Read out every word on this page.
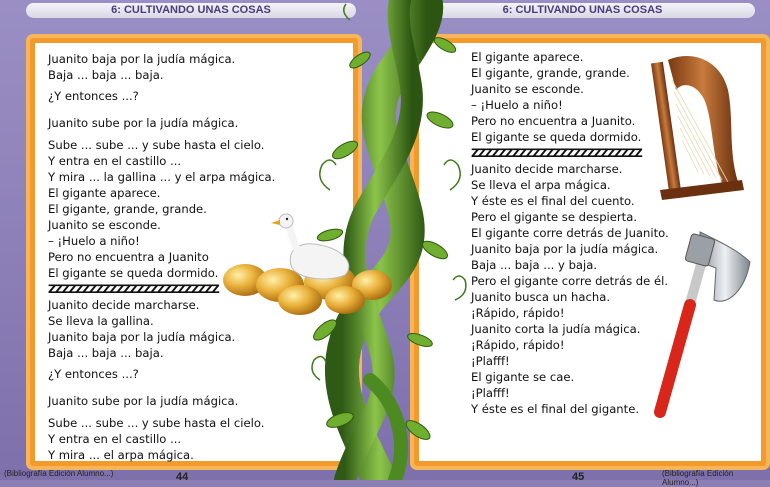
6: CULTIVANDO UNAS COSAS	6: CULTIVANDO UNAS COSAS
Juanito baja por la judía mágica.
Baja ... baja ... baja.
¿Y entonces ...?
Juanito sube por la judía mágica.
Sube ... sube ... y sube hasta el cielo.
Y entra en el castillo ...
Y mira ... la gallina ... y el arpa mágica.
El gigante aparece.
El gigante, grande, grande.
Juanito se esconde.
– ¡Huelo a niño!
Pero no encuentra a Juanito
El gigante se queda dormido.
ZZZZZZZZZZZZZZZZZZZZZZZZZ
Juanito decide marcharse.
Se lleva la gallina.
Juanito baja por la judía mágica.
Baja ... baja ... baja.
¿Y entonces ...?
Juanito sube por la judía mágica.
Sube ... sube ... y sube hasta el cielo.
Y entra en el castillo ...
Y mira ... el arpa mágica.
El gigante aparece.
El gigante, grande, grande.
Juanito se esconde.
– ¡Huelo a niño!
Pero no encuentra a Juanito.
El gigante se queda dormido.
ZZZZZZZZZZZZZZZZZZZZZZZZZ
Juanito decide marcharse.
Se lleva el arpa mágica.
Y éste es el final del cuento.
Pero el gigante se despierta.
El gigante corre detrás de Juanito.
Juanito baja por la judía mágica.
Baja ... baja ... y baja.
Pero el gigante corre detrás de él.
Juanito busca un hacha.
¡Rápido, rápido!
Juanito corta la judía mágica.
¡Rápido, rápido!
¡Plafff!
El gigante se cae.
¡Plafff!
Y éste es el final del gigante.
(Bibliografía Edición Alumno...)	(Bibliografía Edición Alumno...)
44	45
